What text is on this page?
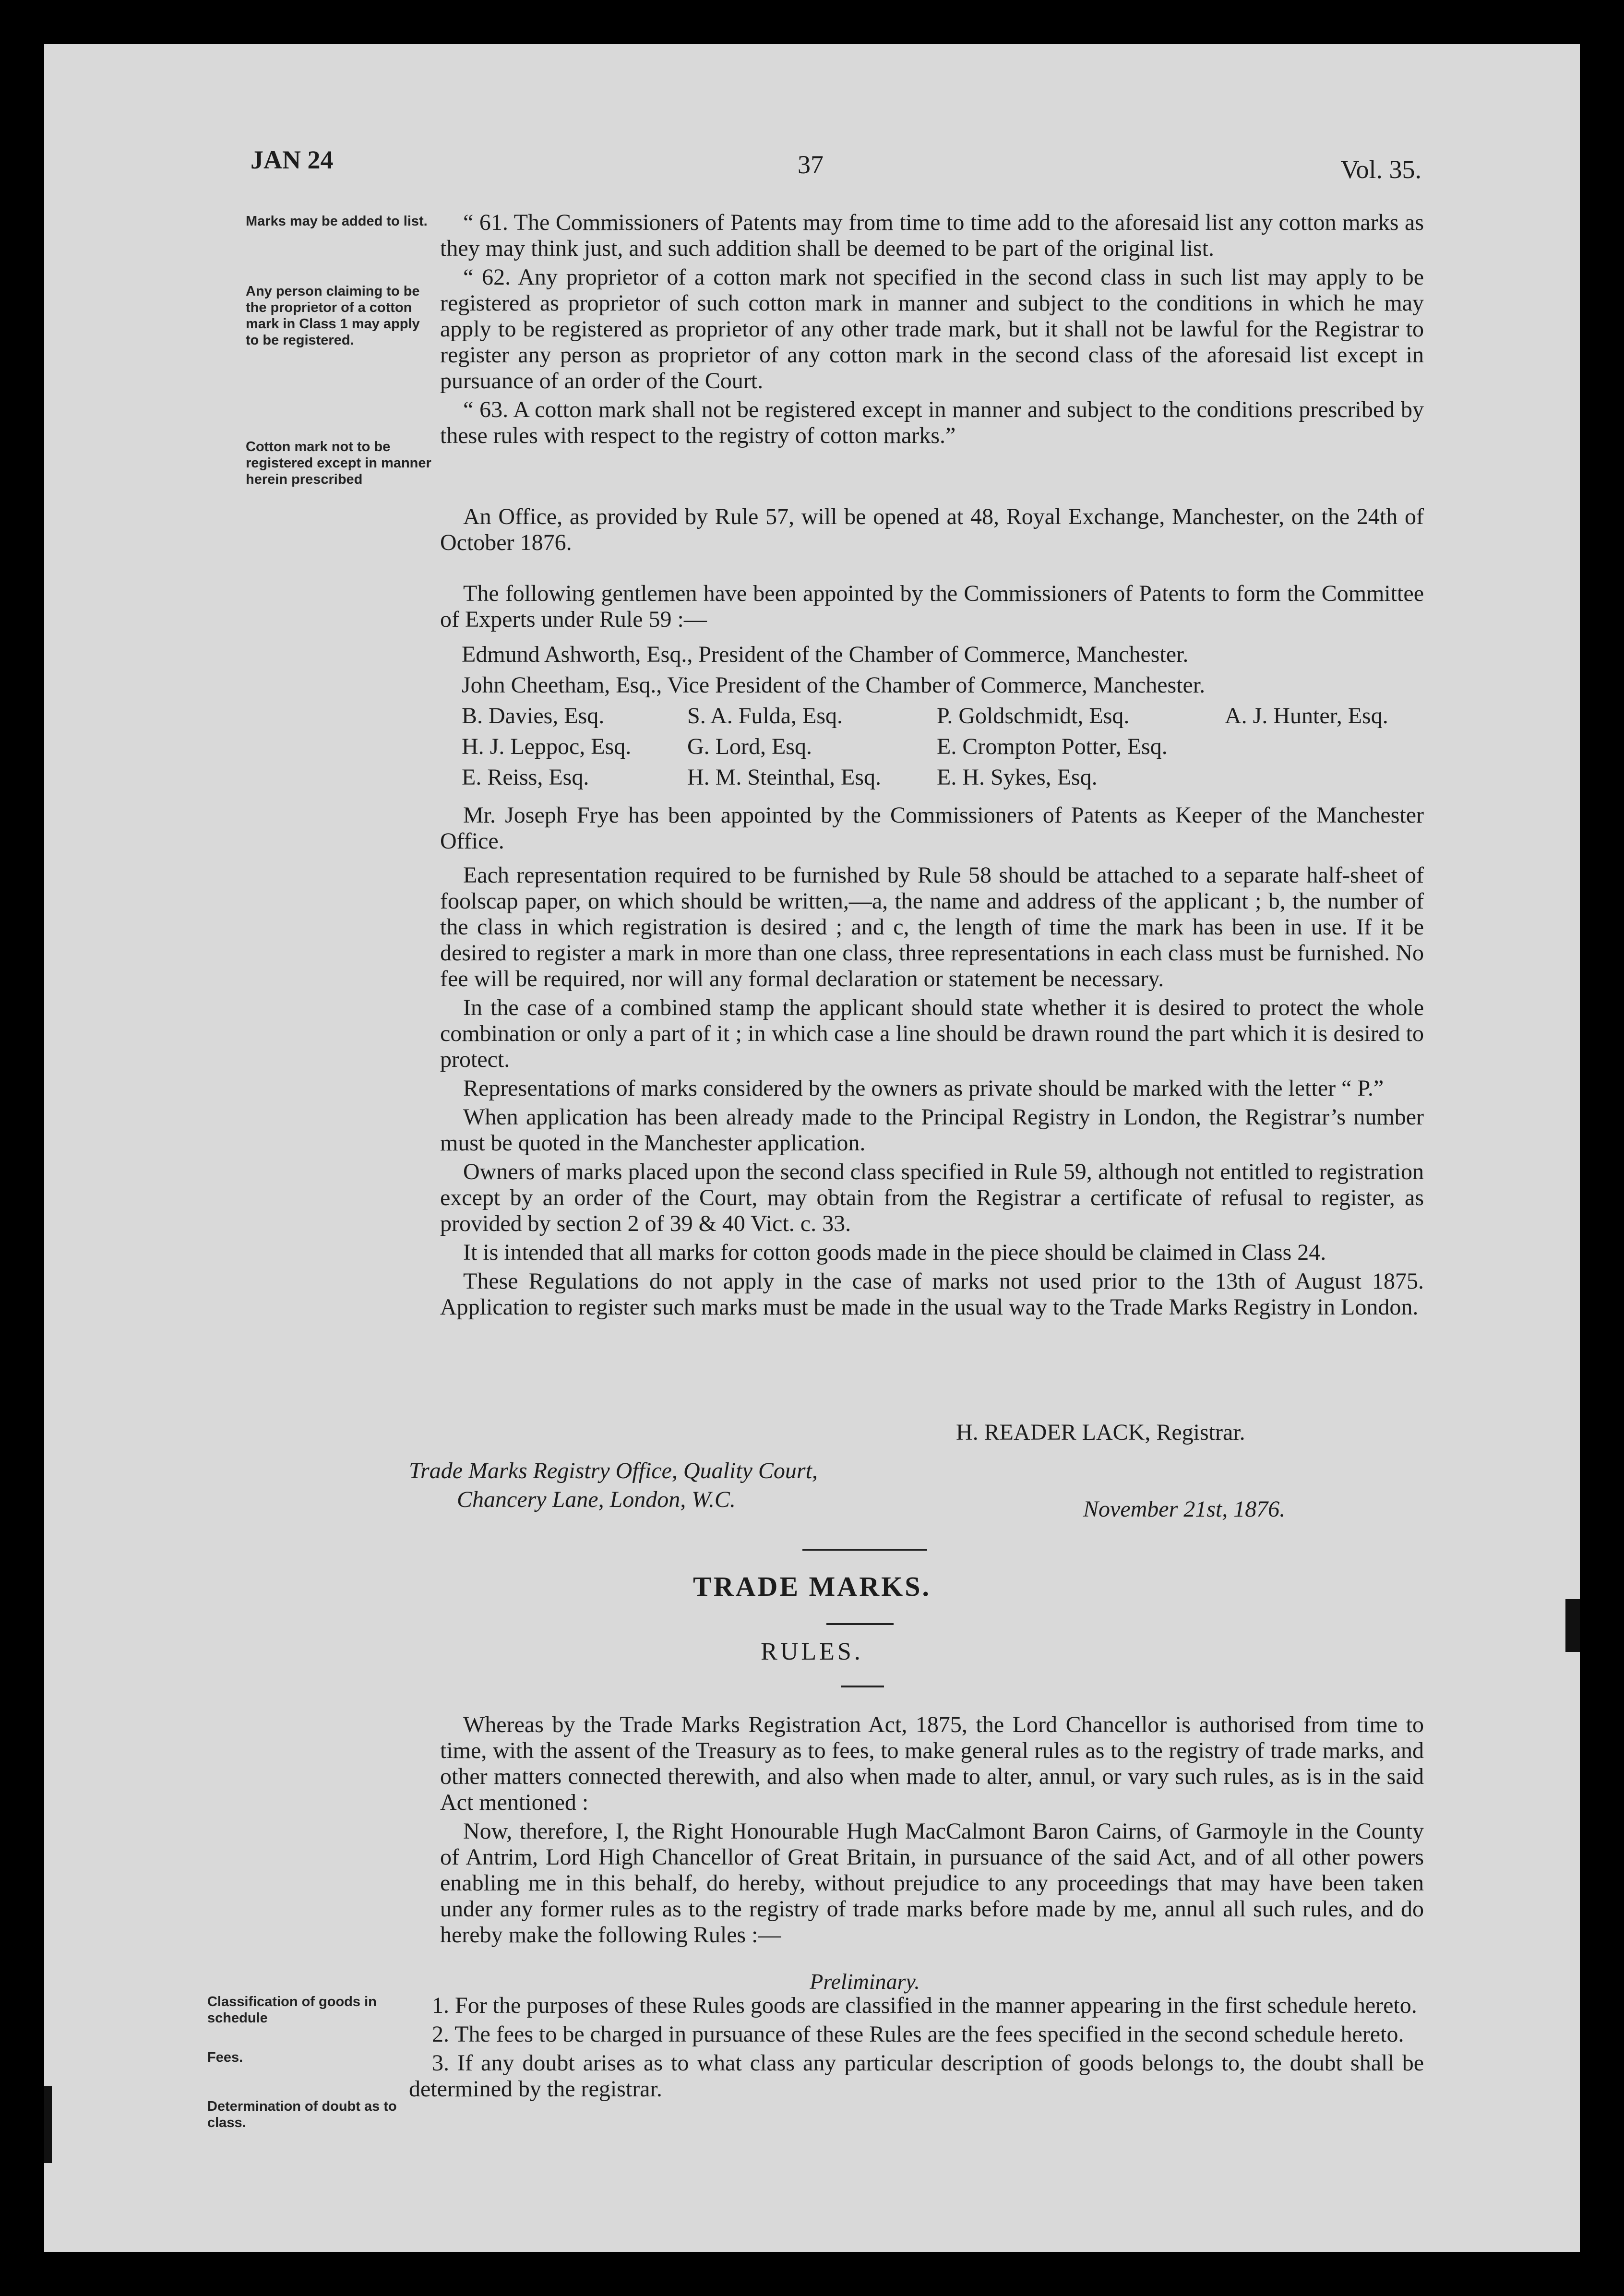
JAN 24	37	Vol. 35.
Marks may be added to list.
Any person claiming to be the proprietor of a cotton mark in Class 1 may apply to be registered.
Cotton mark not to be registered except in manner herein prescribed

“ 61. The Commissioners of Patents may from time to time add to the aforesaid list any cotton marks as they may think just, and such addition shall be deemed to be part of the original list.

“ 62. Any proprietor of a cotton mark not specified in the second class in such list may apply to be registered as proprietor of such cotton mark in manner and subject to the conditions in which he may apply to be registered as proprietor of any other trade mark, but it shall not be lawful for the Registrar to register any person as proprietor of any cotton mark in the second class of the aforesaid list except in pursuance of an order of the Court.

“ 63. A cotton mark shall not be registered except in manner and subject to the conditions prescribed by these rules with respect to the registry of cotton marks.”

An Office, as provided by Rule 57, will be opened at 48, Royal Exchange, Manchester, on the 24th of October 1876.

The following gentlemen have been appointed by the Commissioners of Patents to form the Committee of Experts under Rule 59 :—

Edmund Ashworth, Esq., President of the Chamber of Commerce, Manchester.
John Cheetham, Esq., Vice President of the Chamber of Commerce, Manchester.
B. Davies, Esq.	S. A. Fulda, Esq.	P. Goldschmidt, Esq.	A. J. Hunter, Esq.
H. J. Leppoc, Esq.	G. Lord, Esq.	E. Crompton Potter, Esq.
E. Reiss, Esq.	H. M. Steinthal, Esq.	E. H. Sykes, Esq.

Mr. Joseph Frye has been appointed by the Commissioners of Patents as Keeper of the Manchester Office.

Each representation required to be furnished by Rule 58 should be attached to a separate half-sheet of foolscap paper, on which should be written,—a, the name and address of the applicant ; b, the number of the class in which registration is desired ; and c, the length of time the mark has been in use. If it be desired to register a mark in more than one class, three representations in each class must be furnished. No fee will be required, nor will any formal declaration or statement be necessary.

In the case of a combined stamp the applicant should state whether it is desired to protect the whole combination or only a part of it ; in which case a line should be drawn round the part which it is desired to protect.

Representations of marks considered by the owners as private should be marked with the letter “ P.”

When application has been already made to the Principal Registry in London, the Registrar’s number must be quoted in the Manchester application.

Owners of marks placed upon the second class specified in Rule 59, although not entitled to registration except by an order of the Court, may obtain from the Registrar a certificate of refusal to register, as provided by section 2 of 39 & 40 Vict. c. 33.

It is intended that all marks for cotton goods made in the piece should be claimed in Class 24.

These Regulations do not apply in the case of marks not used prior to the 13th of August 1875. Application to register such marks must be made in the usual way to the Trade Marks Registry in London.

H. READER LACK, Registrar.
Trade Marks Registry Office, Quality Court,
Chancery Lane, London, W.C.	November 21st, 1876.
TRADE MARKS.
RULES.

Whereas by the Trade Marks Registration Act, 1875, the Lord Chancellor is authorised from time to time, with the assent of the Treasury as to fees, to make general rules as to the registry of trade marks, and other matters connected therewith, and also when made to alter, annul, or vary such rules, as is in the said Act mentioned :

Now, therefore, I, the Right Honourable Hugh MacCalmont Baron Cairns, of Garmoyle in the County of Antrim, Lord High Chancellor of Great Britain, in pursuance of the said Act, and of all other powers enabling me in this behalf, do hereby, without prejudice to any proceedings that may have been taken under any former rules as to the registry of trade marks before made by me, annul all such rules, and do hereby make the following Rules :—

Preliminary.
Classification of goods in schedule
Fees.
Determination of doubt as to class.

1. For the purposes of these Rules goods are classified in the manner appearing in the first schedule hereto.

2. The fees to be charged in pursuance of these Rules are the fees specified in the second schedule hereto.

3. If any doubt arises as to what class any particular description of goods belongs to, the doubt shall be determined by the registrar.
